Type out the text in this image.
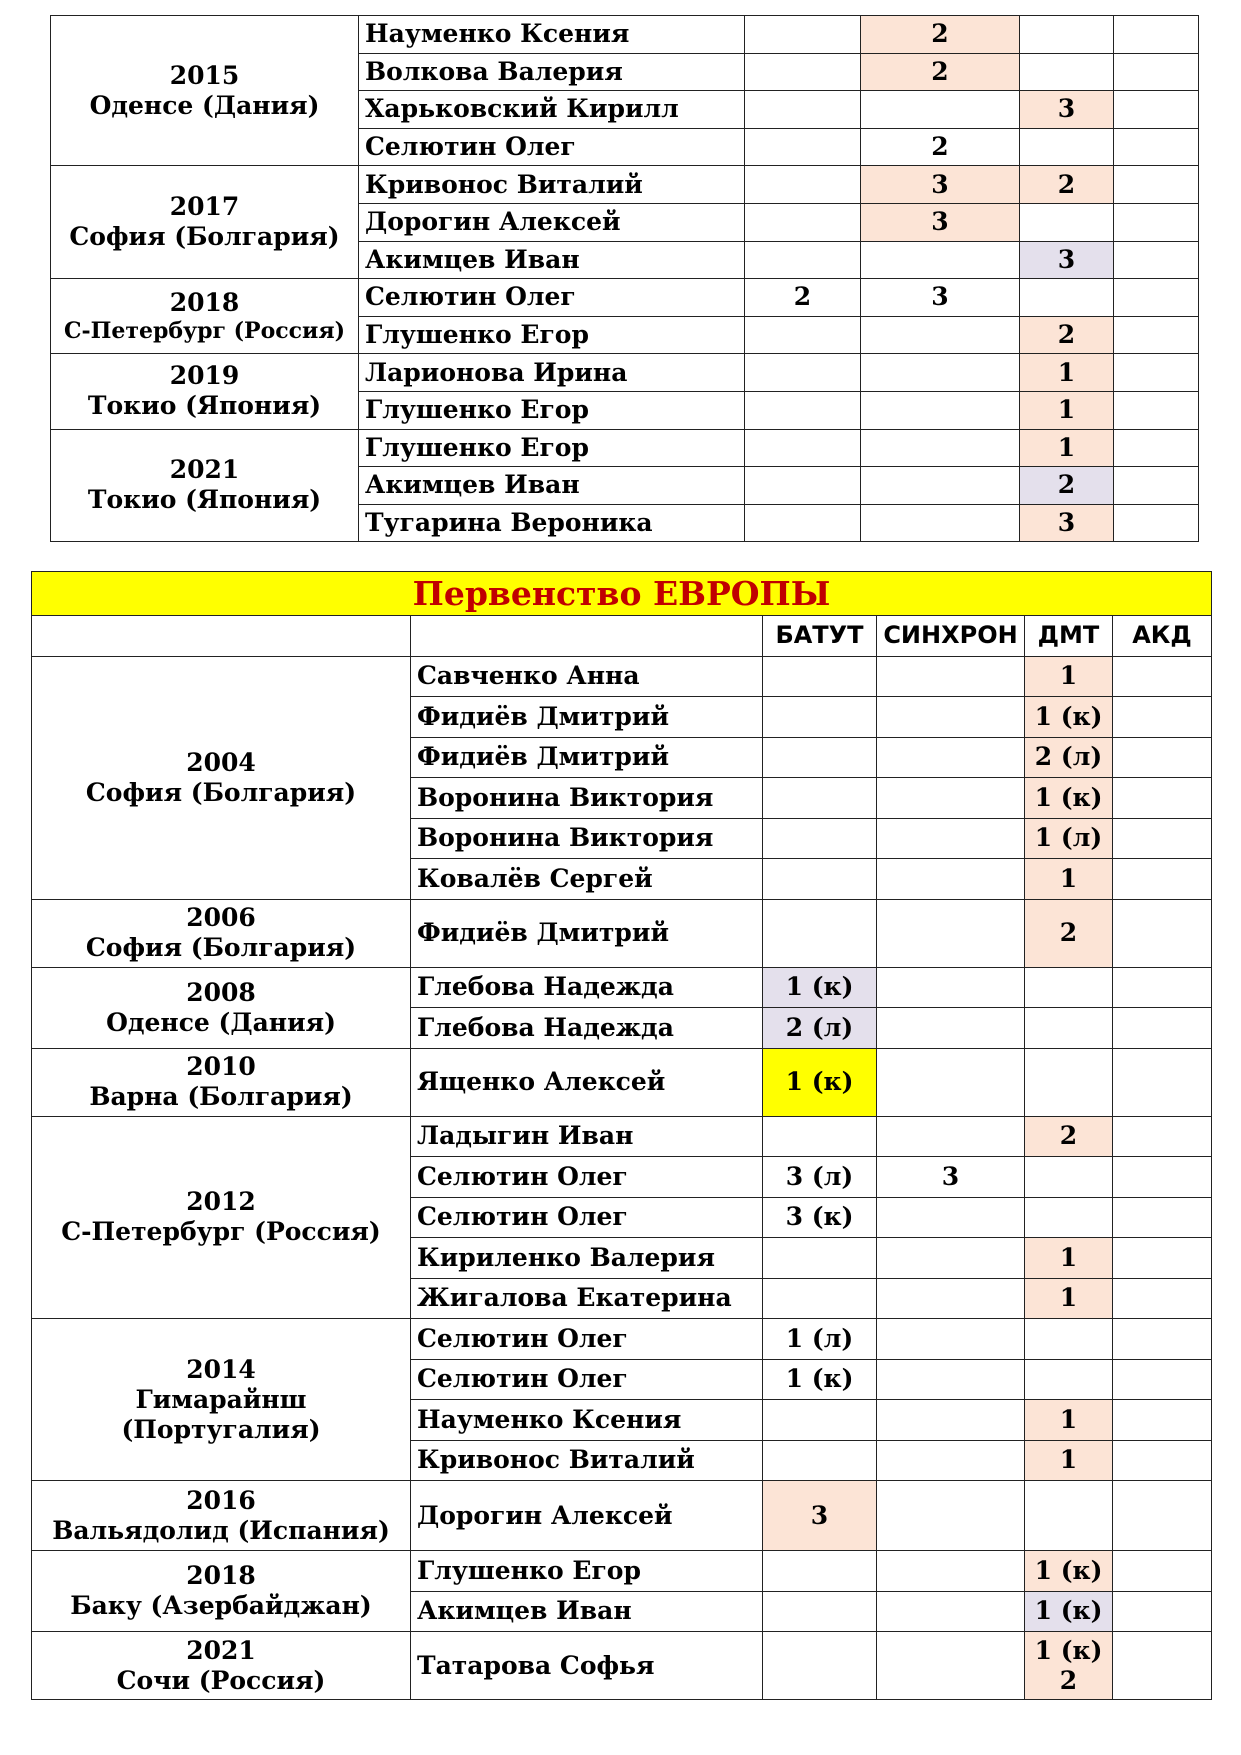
2015
Оденсе (Дания)	Науменко Ксения		2		
	Волкова Валерия		2		
	Харьковский Кирилл			3	
	Селютин Олег		2		

2017
София (Болгария)	Кривонос Виталий		3	2	
	Дорогин Алексей		3		
	Акимцев Иван			3	

2018
С-Петербург (Россия)	Селютин Олег	2	3		
	Глушенко Егор			2	

2019
Токио (Япония)	Ларионова Ирина			1	
	Глушенко Егор			1	

2021
Токио (Япония)	Глушенко Егор			1	
	Акимцев Иван			2	
	Тугарина Вероника			3	
Первенство ЕВРОПЫ					
		БАТУТ	СИНХРОН	ДМТ	АКД

2004
София (Болгария)	Савченко Анна			1	
	Фидиёв Дмитрий			1 (к)	
	Фидиёв Дмитрий			2 (л)	
	Воронина Виктория			1 (к)	
	Воронина Виктория			1 (л)	
	Ковалёв Сергей			1	

2006
София (Болгария)	Фидиёв Дмитрий			2	

2008
Оденсе (Дания)	Глебова Надежда	1 (к)			
	Глебова Надежда	2 (л)			

2010
Варна (Болгария)	Ященко Алексей	1 (к)			

2012
С-Петербург (Россия)	Ладыгин Иван			2	
	Селютин Олег	3 (л)	3		
	Селютин Олег	3 (к)			
	Кириленко Валерия			1	
	Жигалова Екатерина			1	

2014
Гимарайнш
(Португалия)	Селютин Олег	1 (л)			
	Селютин Олег	1 (к)			
	Науменко Ксения			1	
	Кривонос Виталий			1	

2016
Вальядолид (Испания)	Дорогин Алексей	3			

2018
Баку (Азербайджан)	Глушенко Егор			1 (к)	
	Акимцев Иван			1 (к)	

2021
Сочи (Россия)	Татарова Софья			1 (к)
2	
